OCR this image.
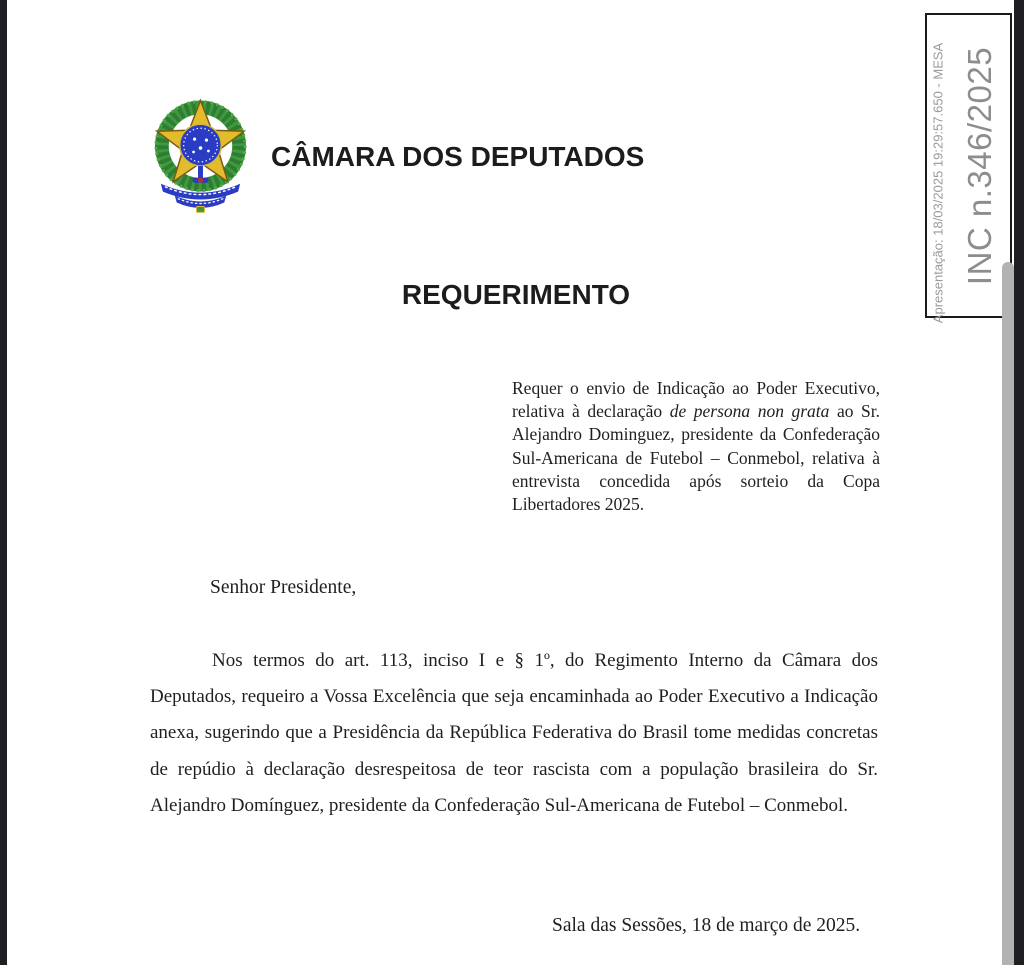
CÂMARA DOS DEPUTADOS
REQUERIMENTO
Requer o envio de Indicação ao Poder Executivo, relativa à declaração de persona non grata ao Sr. Alejandro Dominguez, presidente da Confederação Sul-Americana de Futebol – Conmebol, relativa à entrevista concedida após sorteio da Copa Libertadores 2025.
Senhor Presidente,
Nos termos do art. 113, inciso I e § 1º, do Regimento Interno da Câmara dos Deputados, requeiro a Vossa Excelência que seja encaminhada ao Poder Executivo a Indicação anexa, sugerindo que a Presidência da República Federativa do Brasil tome medidas concretas de repúdio à declaração desrespeitosa de teor rascista com a população brasileira do Sr. Alejandro Domínguez, presidente da Confederação Sul-Americana de Futebol – Conmebol.
Sala das Sessões, 18 de março de 2025.
Apresentação: 18/03/2025 19:29:57.650 - MESA INC n.346/2025
